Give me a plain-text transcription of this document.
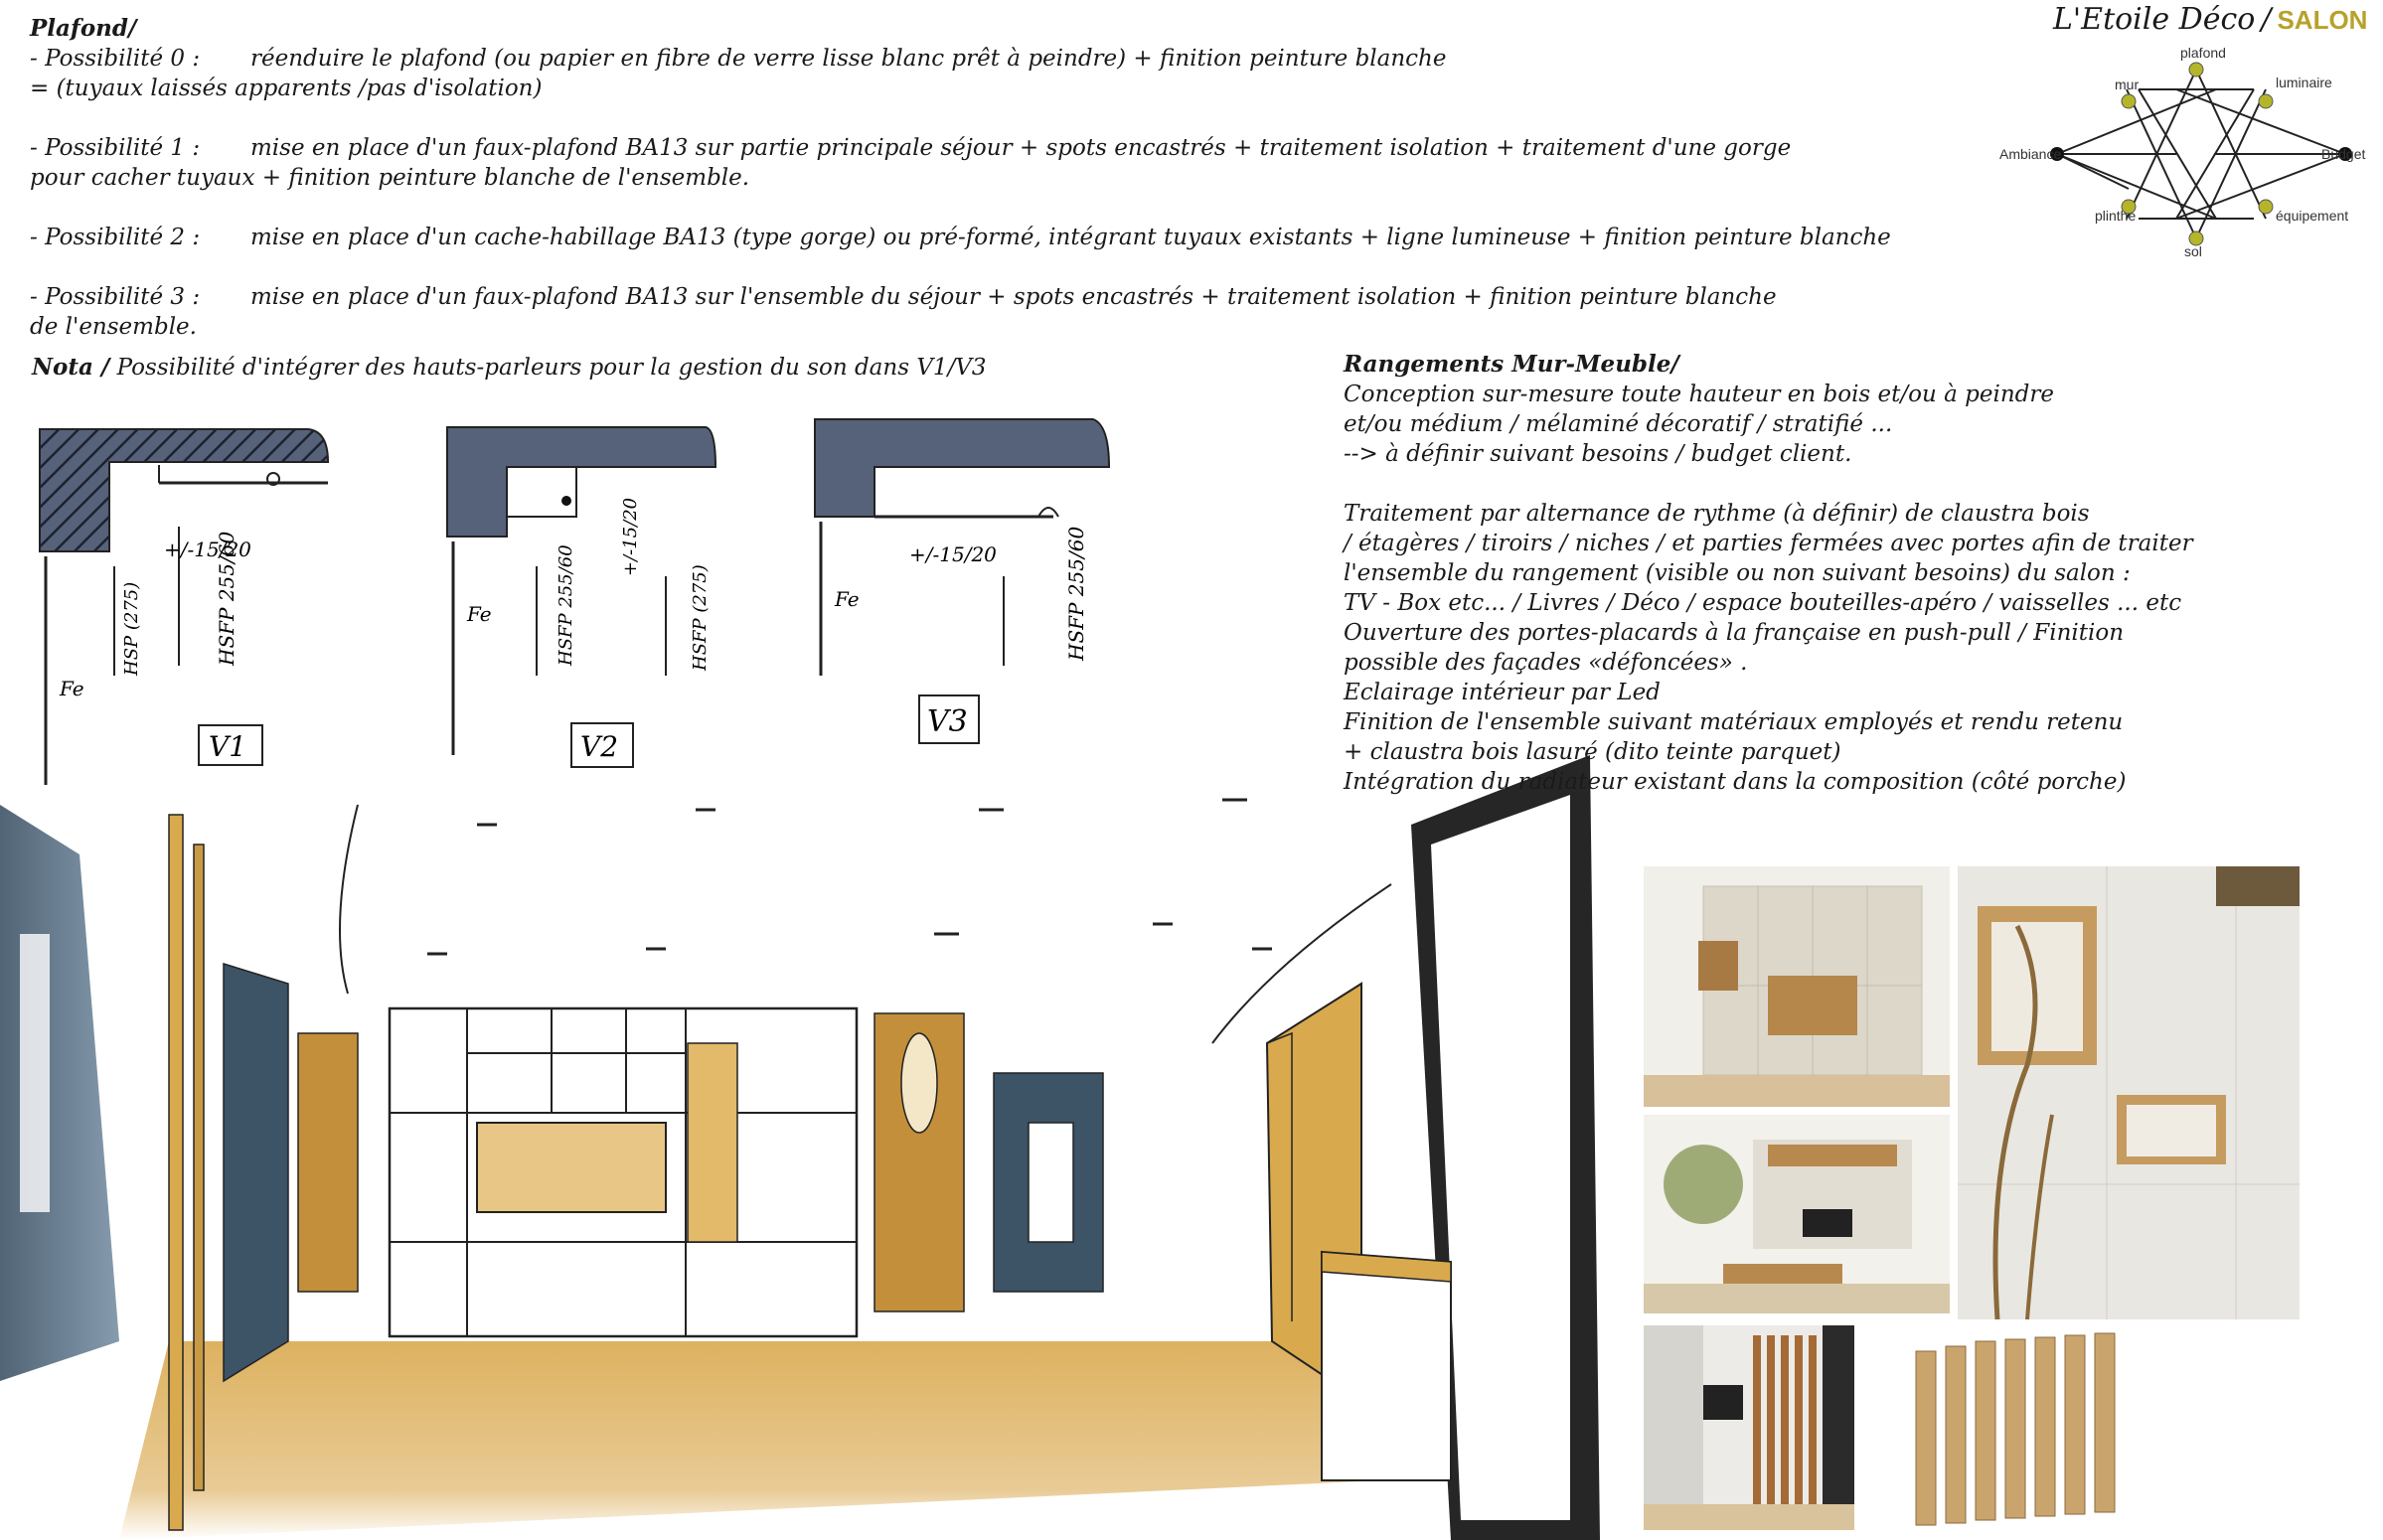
Plafond/
- Possibilité 0 :	réenduire le plafond (ou papier en fibre de verre lisse blanc prêt à peindre) + finition peinture blanche
= (tuyaux laissés apparents /pas d'isolation)
- Possibilité 1 :	mise en place d'un faux-plafond BA13 sur partie principale séjour + spots encastrés + traitement isolation + traitement d'une gorge
pour cacher tuyaux + finition peinture blanche de l'ensemble.
- Possibilité 2 :	mise en place d'un cache-habillage BA13 (type gorge) ou pré-formé, intégrant tuyaux existants + ligne lumineuse + finition peinture blanche
- Possibilité 3 :	mise en place d'un faux-plafond BA13 sur l'ensemble du séjour + spots encastrés + traitement isolation + finition peinture blanche
de l'ensemble.
Nota / Possibilité d'intégrer des hauts-parleurs pour la gestion du son dans V1/V3
L'Etoile Déco / SALON
plafond
mur	luminaire
Ambiance	Budget
plinthe	équipement
sol
Rangements Mur-Meuble/

Conception sur-mesure toute hauteur en bois et/ou à peindre

et/ou médium / mélaminé décoratif / stratifié ...

--> à définir suivant besoins / budget client.

Traitement par alternance de rythme (à définir) de claustra bois

/ étagères / tiroirs / niches / et parties fermées avec portes afin de traiter

l'ensemble du rangement (visible ou non suivant besoins) du salon :

TV - Box etc... / Livres / Déco / espace bouteilles-apéro / vaisselles ... etc

Ouverture des portes-placards à la française en push-pull / Finition

possible des façades «défoncées» .

Eclairage intérieur par Led

Finition de l'ensemble suivant matériaux employés et rendu retenu

+ claustra bois lasuré (dito teinte parquet)

Intégration du radiateur existant dans la composition (côté porche)

+/-15/20
HSP (275)	HSFP 255/60
Fe
V1
HSFP 255/60
+/-15/20
HSFP (275)
Fe
V2
+/-15/20	HSFP 255/60
Fe
V3
